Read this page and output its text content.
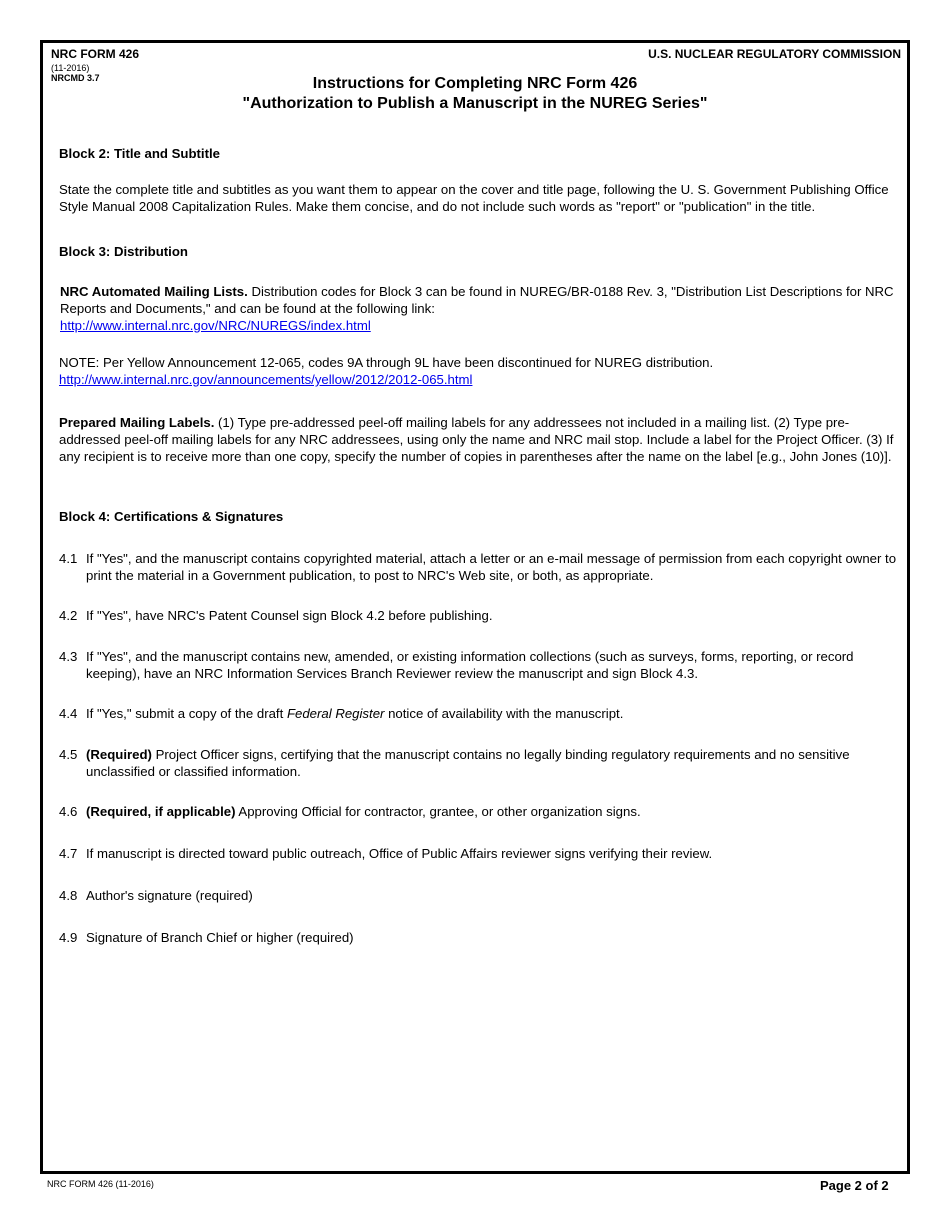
NRC FORM 426
(11-2016)
NRCMD 3.7
U.S. NUCLEAR REGULATORY COMMISSION
Instructions for Completing NRC Form 426
"Authorization to Publish a Manuscript in the NUREG Series"
Block 2: Title and Subtitle
State the complete title and subtitles as you want them to appear on the cover and title page, following the U. S. Government Publishing Office Style Manual 2008 Capitalization Rules. Make them concise, and do not include such words as "report" or "publication" in the title.
Block 3: Distribution
NRC Automated Mailing Lists. Distribution codes for Block 3 can be found in NUREG/BR-0188 Rev. 3, "Distribution List Descriptions for NRC Reports and Documents," and can be found at the following link:
http://www.internal.nrc.gov/NRC/NUREGS/index.html
NOTE: Per Yellow Announcement 12-065, codes 9A through 9L have been discontinued for NUREG distribution.
http://www.internal.nrc.gov/announcements/yellow/2012/2012-065.html
Prepared Mailing Labels. (1) Type pre-addressed peel-off mailing labels for any addressees not included in a mailing list. (2) Type pre-addressed peel-off mailing labels for any NRC addressees, using only the name and NRC mail stop. Include a label for the Project Officer. (3) If any recipient is to receive more than one copy, specify the number of copies in parentheses after the name on the label [e.g., John Jones (10)].
Block 4: Certifications & Signatures
4.1 If "Yes", and the manuscript contains copyrighted material, attach a letter or an e-mail message of permission from each copyright owner to print the material in a Government publication, to post to NRC's Web site, or both, as appropriate.
4.2 If "Yes", have NRC's Patent Counsel sign Block 4.2 before publishing.
4.3 If "Yes", and the manuscript contains new, amended, or existing information collections (such as surveys, forms, reporting, or record keeping), have an NRC Information Services Branch Reviewer review the manuscript and sign Block 4.3.
4.4 If "Yes," submit a copy of the draft Federal Register notice of availability with the manuscript.
4.5 (Required) Project Officer signs, certifying that the manuscript contains no legally binding regulatory requirements and no sensitive unclassified or classified information.
4.6 (Required, if applicable) Approving Official for contractor, grantee, or other organization signs.
4.7 If manuscript is directed toward public outreach, Office of Public Affairs reviewer signs verifying their review.
4.8 Author's signature (required)
4.9 Signature of Branch Chief or higher (required)
NRC FORM 426 (11-2016)	Page 2 of 2
